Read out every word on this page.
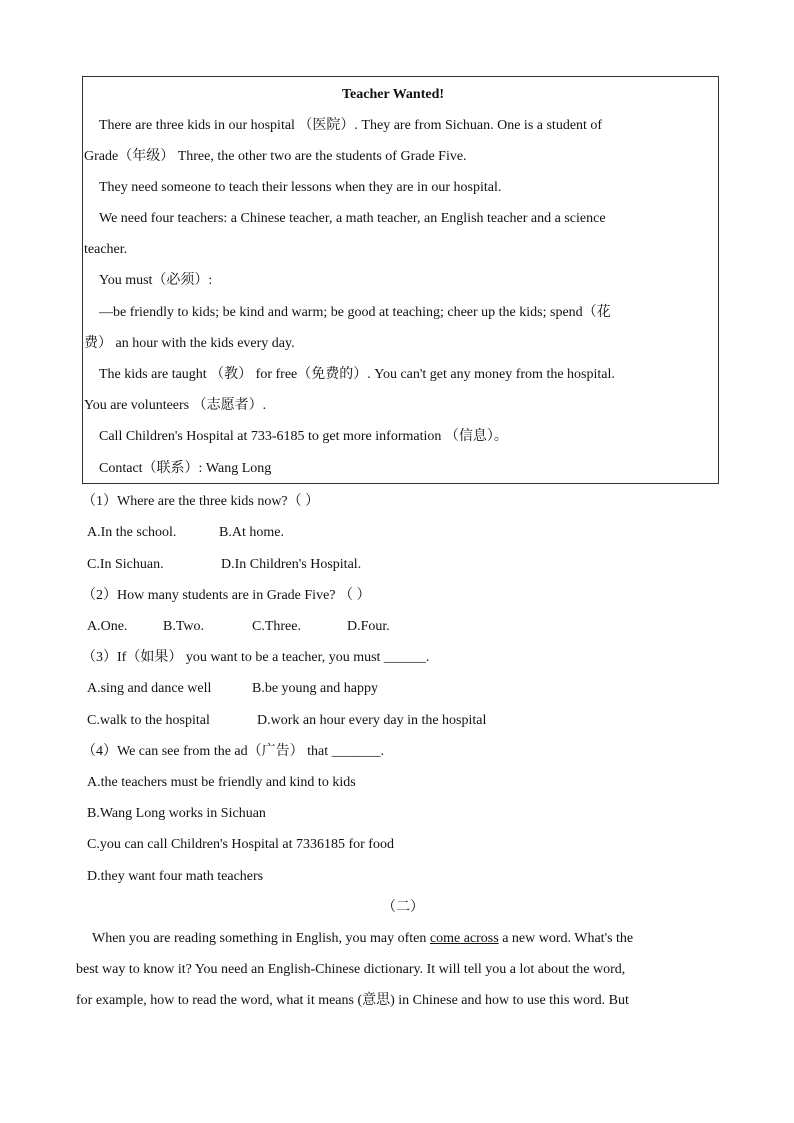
Teacher Wanted!
There are three kids in our hospital （医院）. They are from Sichuan. One is a student of
Grade（年级） Three, the other two are the students of Grade Five.
They need someone to teach their lessons when they are in our hospital.
We need four teachers: a Chinese teacher, a math teacher, an English teacher and a science
teacher.
You must（必须）:
—be friendly to kids; be kind and warm; be good at teaching; cheer up the kids; spend（花
费） an hour with the kids every day.
The kids are taught （教） for free（免费的）. You can't get any money from the hospital.
You are volunteers （志愿者）.
Call Children's Hospital at 733-6185 to get more information （信息）。
Contact（联系）: Wang Long
（1）Where are the three kids now?（ ）
A.In the school.	B.At home.
C.In Sichuan.	D.In Children's Hospital.
（2）How many students are in Grade Five? （ ）
A.One.	B.Two.	C.Three.	D.Four.
（3）If（如果） you want to be a teacher, you must ______.
A.sing and dance well	B.be young and happy
C.walk to the hospital	D.work an hour every day in the hospital
（4）We can see from the ad（广告） that _______.
A.the teachers must be friendly and kind to kids
B.Wang Long works in Sichuan
C.you can call Children's Hospital at 7336185 for food
D.they want four math teachers
（二）
When you are reading something in English, you may often come across a new word. What's the
best way to know it? You need an English-Chinese dictionary. It will tell you a lot about the word,
for example, how to read the word, what it means (意思) in Chinese and how to use this word. But
